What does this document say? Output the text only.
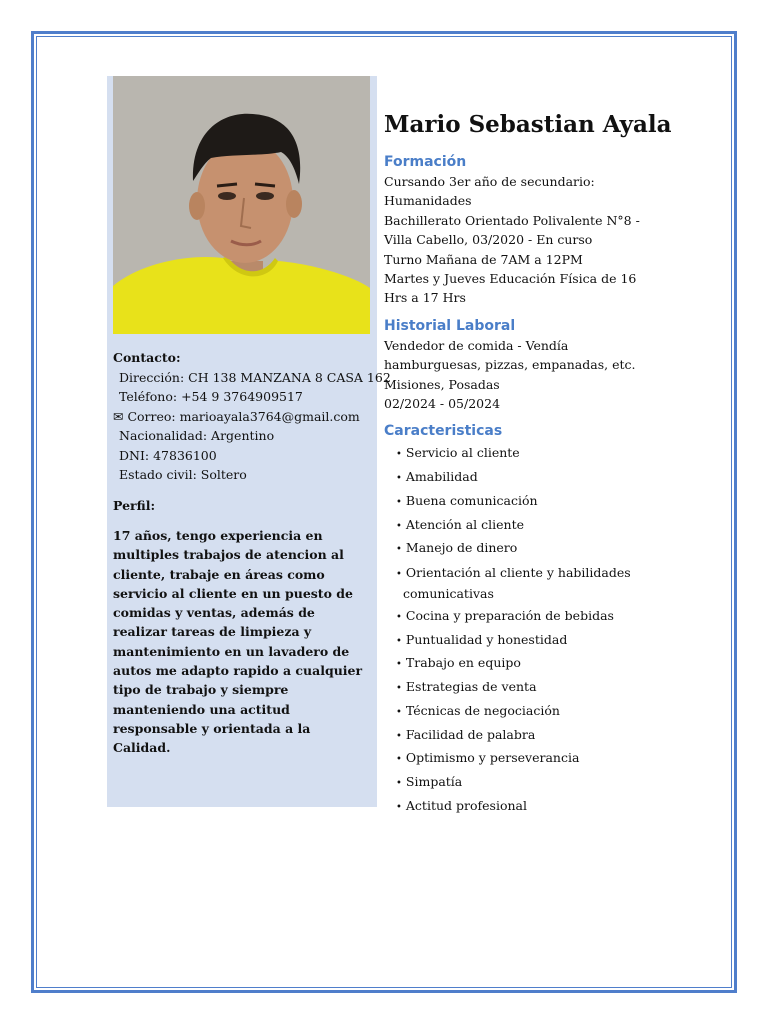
Contacto:
Dirección: CH 138 MANZANA 8 CASA 162
Teléfono: +54 9 3764909517
✉ Correo: marioayala3764@gmail.com
Nacionalidad: Argentino
DNI: 47836100
Estado civil: Soltero
Perfil:
17 años, tengo experiencia en multiples trabajos de atencion al cliente, trabaje en áreas como servicio al cliente en un puesto de comidas y ventas, además de realizar tareas de limpieza y mantenimiento en un lavadero de autos me adapto rapido a cualquier tipo de trabajo y siempre manteniendo una actitud responsable y orientada a la Calidad.
Mario Sebastian Ayala
Formación
Cursando 3er año de secundario: Humanidades
Bachillerato Orientado Polivalente N°8 - Villa Cabello, 03/2020 - En curso
Turno Mañana de 7AM a 12PM
Martes y Jueves Educación Física de 16 Hrs a 17 Hrs
Historial Laboral
Vendedor de comida - Vendía hamburguesas, pizzas, empanadas, etc.
Misiones, Posadas
02/2024 - 05/2024
Caracteristicas
• Servicio al cliente
• Amabilidad
• Buena comunicación
• Atención al cliente
• Manejo de dinero
• Orientación al cliente y habilidades comunicativas
• Cocina y preparación de bebidas
• Puntualidad y honestidad
• Trabajo en equipo
• Estrategias de venta
• Técnicas de negociación
• Facilidad de palabra
• Optimismo y perseverancia
• Simpatía
• Actitud profesional
